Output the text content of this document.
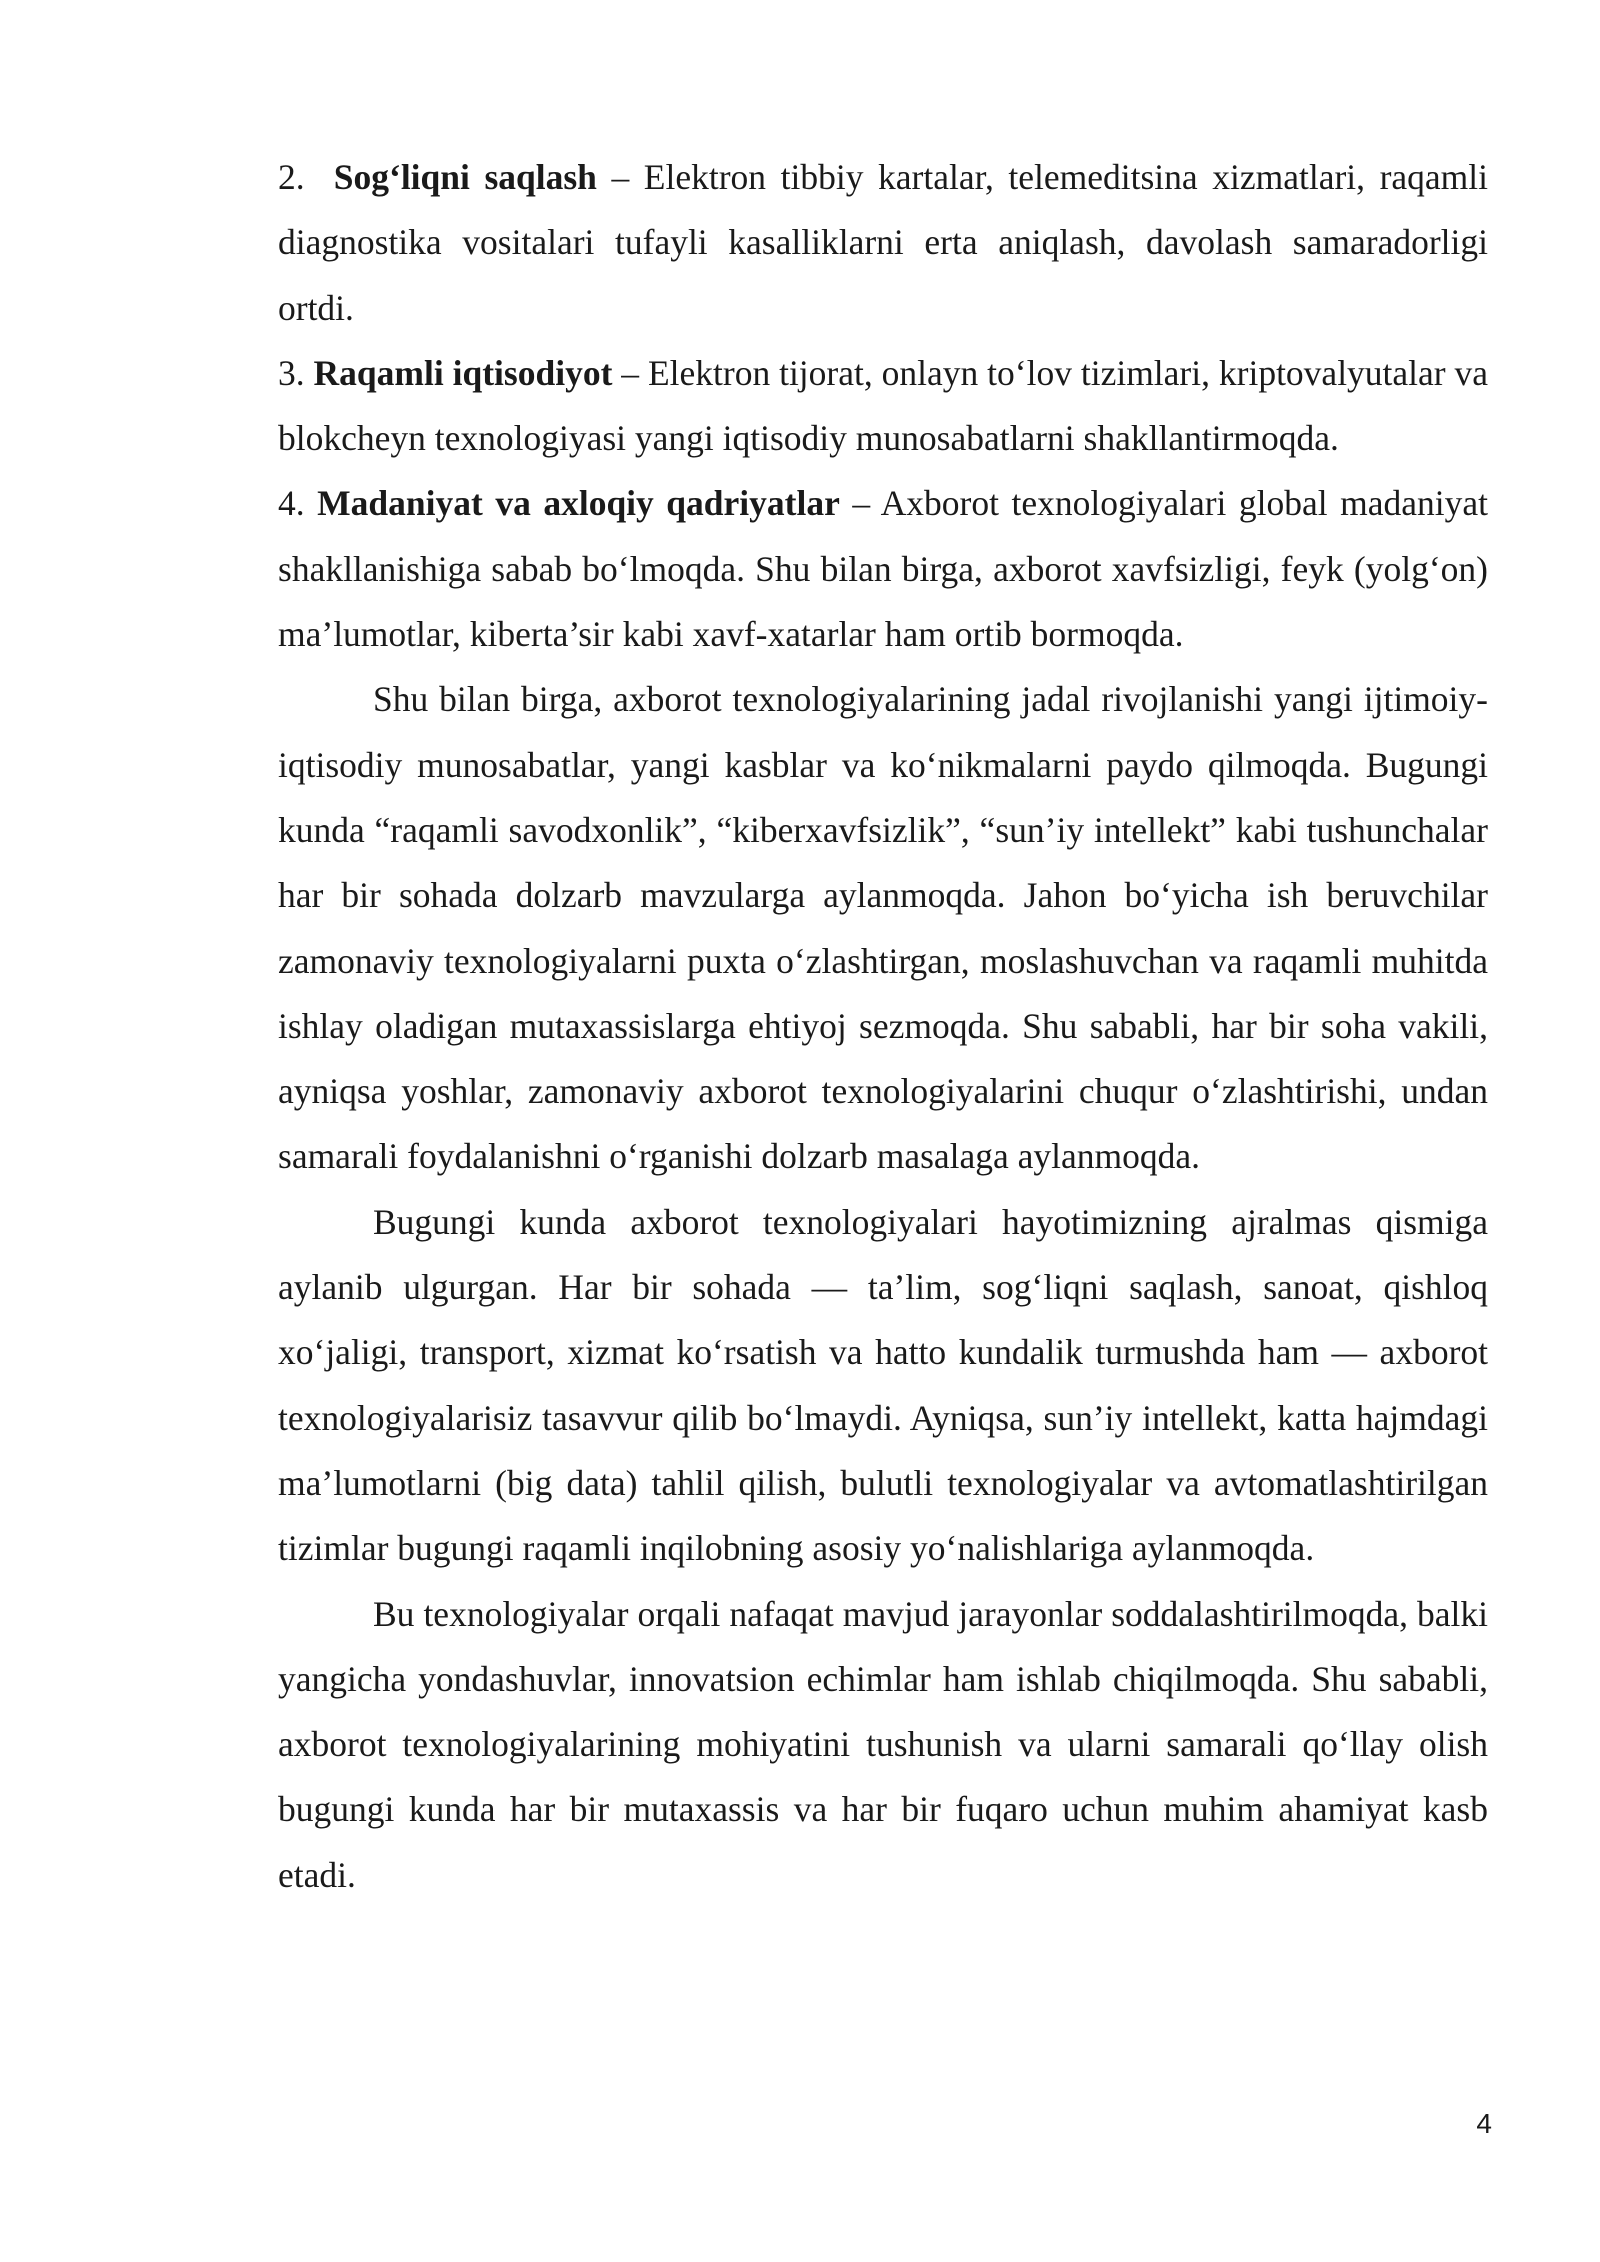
2. Sog‘liqni saqlash – Elektron tibbiy kartalar, telemeditsina xizmatlari, raqamli diagnostika vositalari tufayli kasalliklarni erta aniqlash, davolash samaradorligi ortdi.

3. Raqamli iqtisodiyot – Elektron tijorat, onlayn to‘lov tizimlari, kriptovalyutalar va blokcheyn texnologiyasi yangi iqtisodiy munosabatlarni shakllantirmoqda.

4. Madaniyat va axloqiy qadriyatlar – Axborot texnologiyalari global madaniyat shakllanishiga sabab bo‘lmoqda. Shu bilan birga, axborot xavfsizligi, feyk (yolg‘on) ma’lumotlar, kiberta’sir kabi xavf-xatarlar ham ortib bormoqda.

Shu bilan birga, axborot texnologiyalarining jadal rivojlanishi yangi ijtimoiy-iqtisodiy munosabatlar, yangi kasblar va ko‘nikmalarni paydo qilmoqda. Bugungi kunda “raqamli savodxonlik”, “kiberxavfsizlik”, “sun’iy intellekt” kabi tushunchalar har bir sohada dolzarb mavzularga aylanmoqda. Jahon bo‘yicha ish beruvchilar zamonaviy texnologiyalarni puxta o‘zlashtirgan, moslashuvchan va raqamli muhitda ishlay oladigan mutaxassislarga ehtiyoj sezmoqda. Shu sababli, har bir soha vakili, ayniqsa yoshlar, zamonaviy axborot texnologiyalarini chuqur o‘zlashtirishi, undan samarali foydalanishni o‘rganishi dolzarb masalaga aylanmoqda.

Bugungi kunda axborot texnologiyalari hayotimizning ajralmas qismiga aylanib ulgurgan. Har bir sohada — ta’lim, sog‘liqni saqlash, sanoat, qishloq xo‘jaligi, transport, xizmat ko‘rsatish va hatto kundalik turmushda ham — axborot texnologiyalarisiz tasavvur qilib bo‘lmaydi. Ayniqsa, sun’iy intellekt, katta hajmdagi ma’lumotlarni (big data) tahlil qilish, bulutli texnologiyalar va avtomatlashtirilgan tizimlar bugungi raqamli inqilobning asosiy yo‘nalishlariga aylanmoqda.

Bu texnologiyalar orqali nafaqat mavjud jarayonlar soddalashtirilmoqda, balki yangicha yondashuvlar, innovatsion echimlar ham ishlab chiqilmoqda. Shu sababli, axborot texnologiyalarining mohiyatini tushunish va ularni samarali qo‘llay olish bugungi kunda har bir mutaxassis va har bir fuqaro uchun muhim ahamiyat kasb etadi.

4
